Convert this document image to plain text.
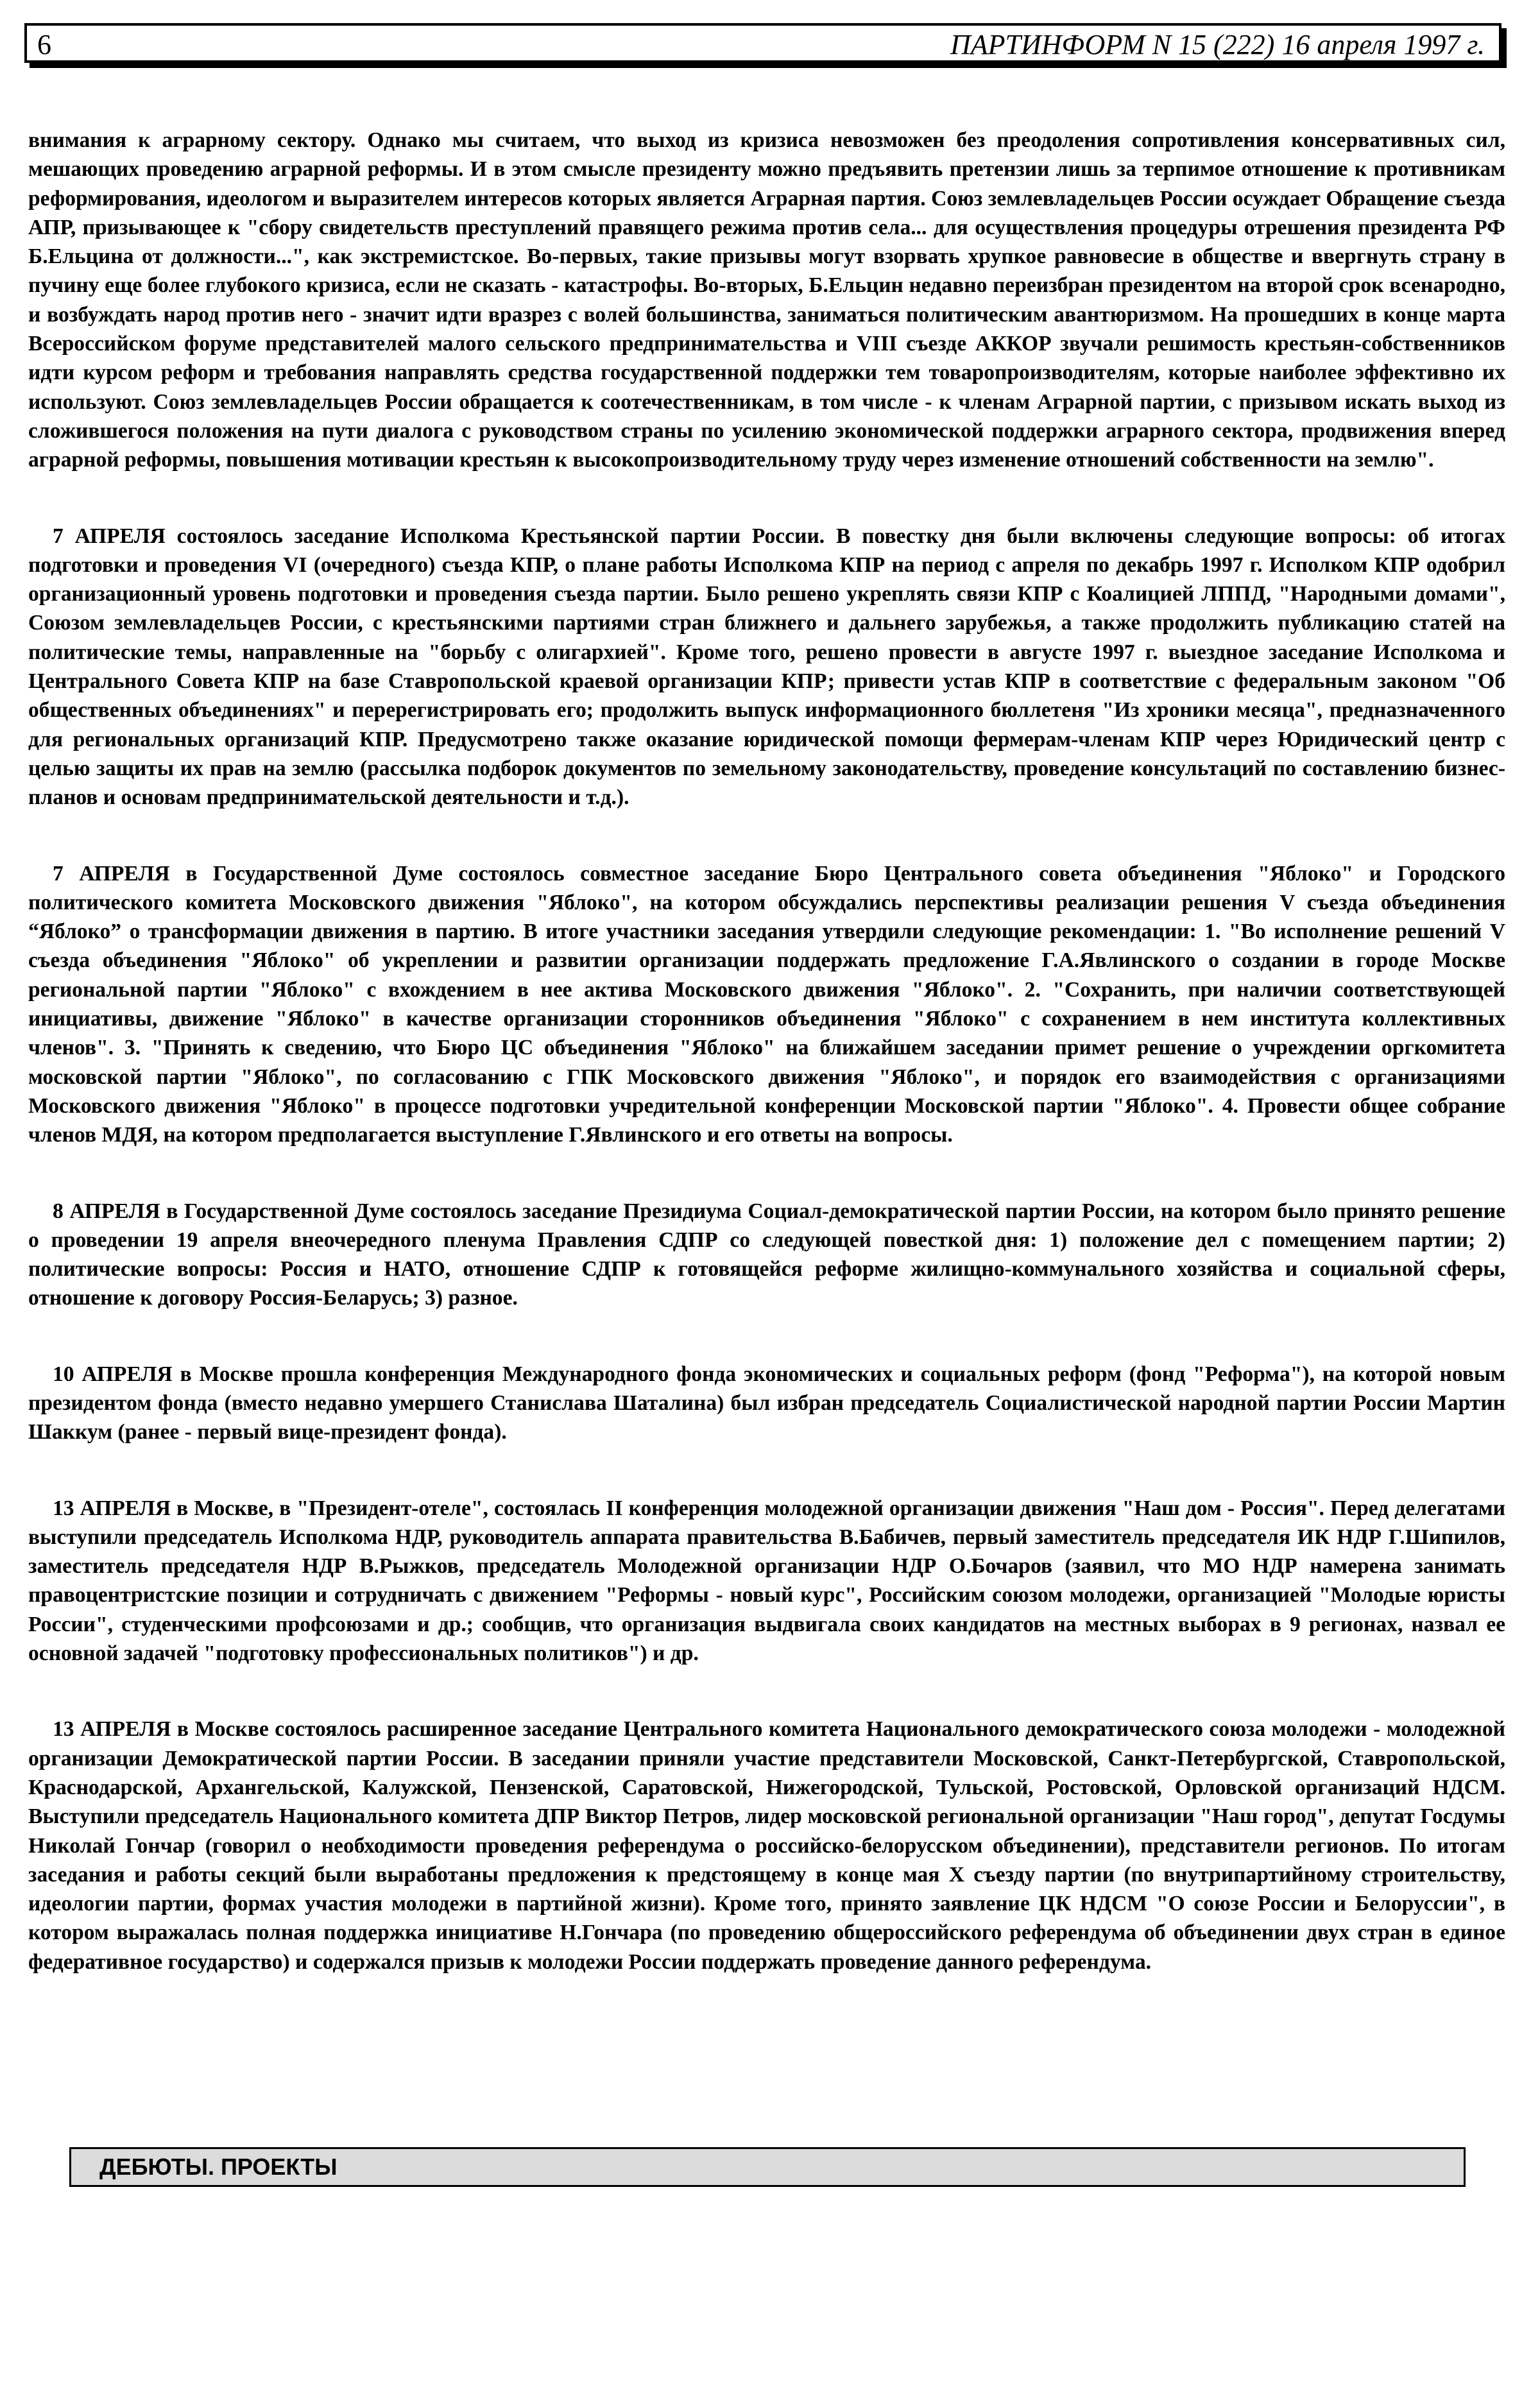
6	ПАРТИНФОРМ N 15 (222) 16 апреля 1997 г.

внимания к аграрному сектору. Однако мы считаем, что выход из кризиса невозможен без преодоления сопротивления консервативных сил, мешающих проведению аграрной реформы. И в этом смысле президенту можно предъявить претензии лишь за терпимое отношение к противникам реформирования, идеологом и выразителем интересов которых является Аграрная партия. Союз землевладельцев России осуждает Обращение съезда АПР, призывающее к "сбору свидетельств преступлений правящего режима против села... для осуществления процедуры отрешения президента РФ Б.Ельцина от должности...", как экстремистское. Во-первых, такие призывы могут взорвать хрупкое равновесие в обществе и ввергнуть страну в пучину еще более глубокого кризиса, если не сказать - катастрофы. Во-вторых, Б.Ельцин недавно переизбран президентом на второй срок всенародно, и возбуждать народ против него - значит идти вразрез с волей большинства, заниматься политическим авантюризмом. На прошедших в конце марта Всероссийском форуме представителей малого сельского предпринимательства и VIII съезде АККОР звучали решимость крестьян-собственников идти курсом реформ и требования направлять средства государственной поддержки тем товаропроизводителям, которые наиболее эффективно их используют. Союз землевладельцев России обращается к соотечественникам, в том числе - к членам Аграрной партии, с призывом искать выход из сложившегося положения на пути диалога с руководством страны по усилению экономической поддержки аграрного сектора, продвижения вперед аграрной реформы, повышения мотивации крестьян к высокопроизводительному труду через изменение отношений собственности на землю".

7 АПРЕЛЯ состоялось заседание Исполкома Крестьянской партии России. В повестку дня были включены следующие вопросы: об итогах подготовки и проведения VI (очередного) съезда КПР, о плане работы Исполкома КПР на период с апреля по декабрь 1997 г. Исполком КПР одобрил организационный уровень подготовки и проведения съезда партии. Было решено укреплять связи КПР с Коалицией ЛППД, "Народными домами", Союзом землевладельцев России, с крестьянскими партиями стран ближнего и дальнего зарубежья, а также продолжить публикацию статей на политические темы, направленные на "борьбу с олигархией". Кроме того, решено провести в августе 1997 г. выездное заседание Исполкома и Центрального Совета КПР на базе Ставропольской краевой организации КПР; привести устав КПР в соответствие с федеральным законом "Об общественных объединениях" и перерегистрировать его; продолжить выпуск информационного бюллетеня "Из хроники месяца", предназначенного для региональных организаций КПР. Предусмотрено также оказание юридической помощи фермерам-членам КПР через Юридический центр с целью защиты их прав на землю (рассылка подборок документов по земельному законодательству, проведение консультаций по составлению бизнес-планов и основам предпринимательской деятельности и т.д.).

7 АПРЕЛЯ в Государственной Думе состоялось совместное заседание Бюро Центрального совета объединения "Яблоко" и Городского политического комитета Московского движения "Яблоко", на котором обсуждались перспективы реализации решения V съезда объединения “Яблоко” о трансформации движения в партию. В итоге участники заседания утвердили следующие рекомендации: 1. "Во исполнение решений V съезда объединения "Яблоко" об укреплении и развитии организации поддержать предложение Г.А.Явлинского о создании в городе Москве региональной партии "Яблоко" с вхождением в нее актива Московского движения "Яблоко". 2. "Сохранить, при наличии соответствующей инициативы, движение "Яблоко" в качестве организации сторонников объединения "Яблоко" с сохранением в нем института коллективных членов". 3. "Принять к сведению, что Бюро ЦС объединения "Яблоко" на ближайшем заседании примет решение о учреждении оргкомитета московской партии "Яблоко", по согласованию с ГПК Московского движения "Яблоко", и порядок его взаимодействия с организациями Московского движения "Яблоко" в процессе подготовки учредительной конференции Московской партии "Яблоко". 4. Провести общее собрание членов МДЯ, на котором предполагается выступление Г.Явлинского и его ответы на вопросы.

8 АПРЕЛЯ в Государственной Думе состоялось заседание Президиума Социал-демократической партии России, на котором было принято решение о проведении 19 апреля внеочередного пленума Правления СДПР со следующей повесткой дня: 1) положение дел с помещением партии; 2) политические вопросы: Россия и НАТО, отношение СДПР к готовящейся реформе жилищно-коммунального хозяйства и социальной сферы, отношение к договору Россия-Беларусь; 3) разное.

10 АПРЕЛЯ в Москве прошла конференция Международного фонда экономических и социальных реформ (фонд "Реформа"), на которой новым президентом фонда (вместо недавно умершего Станислава Шаталина) был избран председатель Социалистической народной партии России Мартин Шаккум (ранее - первый вице-президент фонда).

13 АПРЕЛЯ в Москве, в "Президент-отеле", состоялась II конференция молодежной организации движения "Наш дом - Россия". Перед делегатами выступили председатель Исполкома НДР, руководитель аппарата правительства В.Бабичев, первый заместитель председателя ИК НДР Г.Шипилов, заместитель председателя НДР В.Рыжков, председатель Молодежной организации НДР О.Бочаров (заявил, что МО НДР намерена занимать правоцентристские позиции и сотрудничать с движением "Реформы - новый курс", Российским союзом молодежи, организацией "Молодые юристы России", студенческими профсоюзами и др.; сообщив, что организация выдвигала своих кандидатов на местных выборах в 9 регионах, назвал ее основной задачей "подготовку профессиональных политиков") и др.

13 АПРЕЛЯ в Москве состоялось расширенное заседание Центрального комитета Национального демократического союза молодежи - молодежной организации Демократической партии России. В заседании приняли участие представители Московской, Санкт-Петербургской, Ставропольской, Краснодарской, Архангельской, Калужской, Пензенской, Саратовской, Нижегородской, Тульской, Ростовской, Орловской организаций НДСМ. Выступили председатель Национального комитета ДПР Виктор Петров, лидер московской региональной организации "Наш город", депутат Госдумы Николай Гончар (говорил о необходимости проведения референдума о российско-белорусском объединении), представители регионов. По итогам заседания и работы секций были выработаны предложения к предстоящему в конце мая X съезду партии (по внутрипартийному строительству, идеологии партии, формах участия молодежи в партийной жизни). Кроме того, принято заявление ЦК НДСМ "О союзе России и Белоруссии", в котором выражалась полная поддержка инициативе Н.Гончара (по проведению общероссийского референдума об объединении двух стран в единое федеративное государство) и содержался призыв к молодежи России поддержать проведение данного референдума.

ДЕБЮТЫ. ПРОЕКТЫ
